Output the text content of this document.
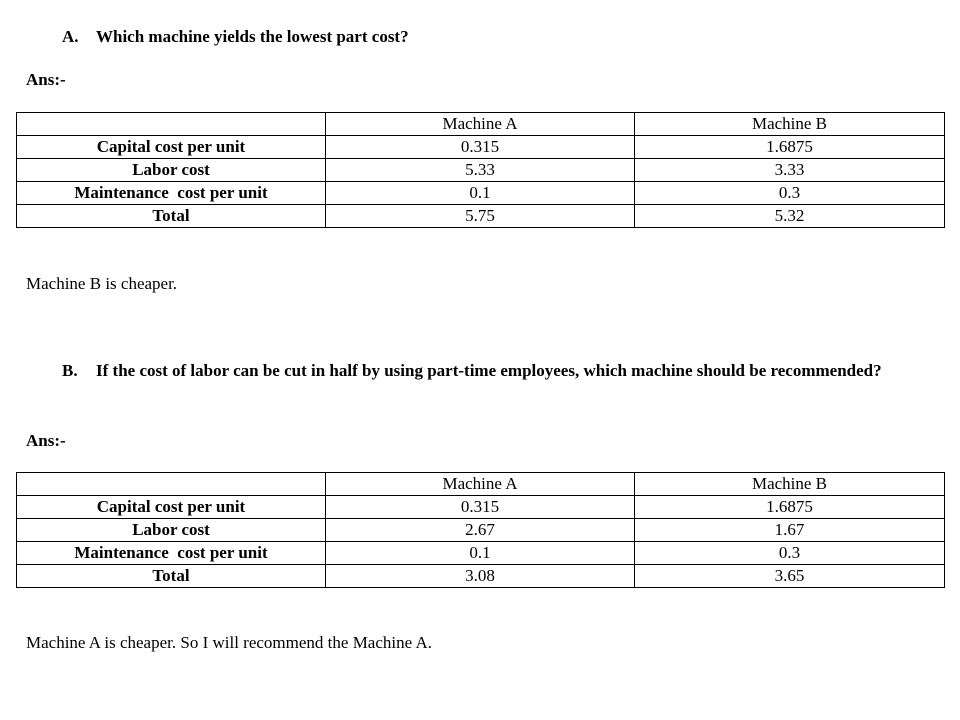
A. Which machine yields the lowest part cost?
Ans:-
	Machine A	Machine B
Capital cost per unit	0.315	1.6875
Labor cost	5.33	3.33
Maintenance  cost per unit	0.1	0.3
Total	5.75	5.32
Machine B is cheaper.
B. If the cost of labor can be cut in half by using part-time employees, which machine should be recommended?
Ans:-
	Machine A	Machine B
Capital cost per unit	0.315	1.6875
Labor cost	2.67	1.67
Maintenance  cost per unit	0.1	0.3
Total	3.08	3.65
Machine A is cheaper. So I will recommend the Machine A.
